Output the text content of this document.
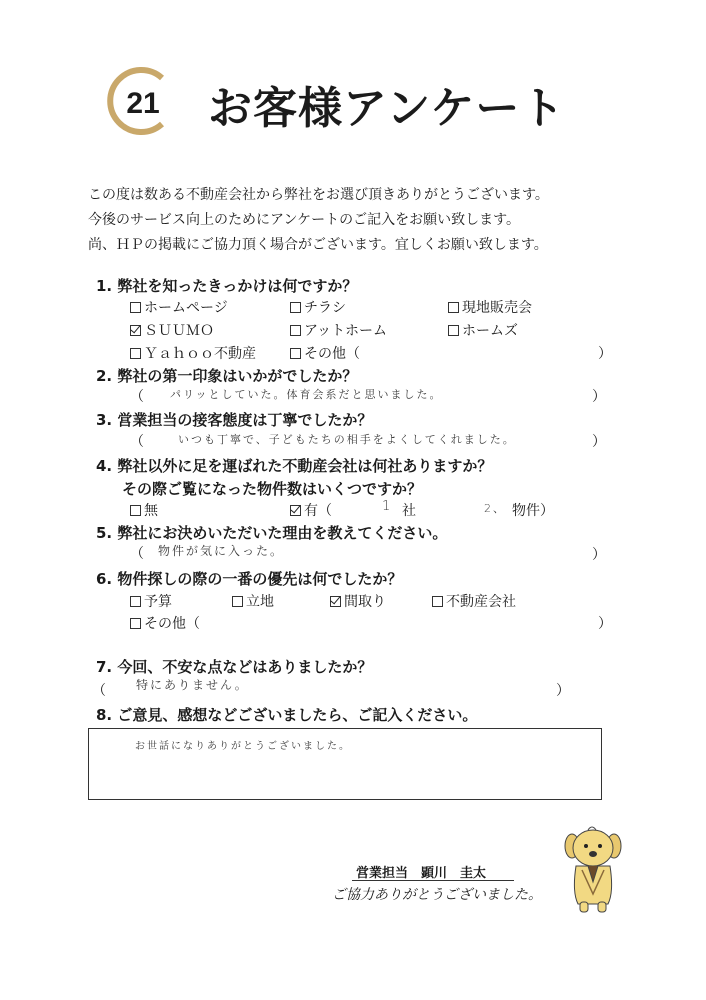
21 お客様アンケート
この度は数ある不動産会社から弊社をお選び頂きありがとうございます。
今後のサービス向上のためにアンケートのご記入をお願い致します。
尚、ＨＰの掲載にご協力頂く場合がございます。宜しくお願い致します。
1. 弊社を知ったきっかけは何ですか？
ホームページ	チラシ	現地販売会
ＳＵＵＭＯ	アットホーム	ホームズ
Ｙａｈｏｏ不動産	その他（	）
2. 弊社の第一印象はいかがでしたか？
（ パリッとしていた。体育会系だと思いました。	）
3. 営業担当の接客態度は丁寧でしたか？
（	いつも丁寧で、子どもたちの相手をよくしてくれました。	）
4. 弊社以外に足を運ばれた不動産会社は何社ありますか？
その際ご覧になった物件数はいくつですか？
無	有（	1 社	2、 物件）
5. 弊社にお決めいただいた理由を教えてください。
（ 物件が気に入った。	）
6. 物件探しの際の一番の優先は何でしたか？
予算	立地	間取り	不動産会社
その他（	）
7. 今回、不安な点などはありましたか？
（	特にありません。	）
8. ご意見、感想などございましたら、ご記入ください。
お世話になりありがとうございました。
営業担当　顕川　圭太
ご協力ありがとうございました。
